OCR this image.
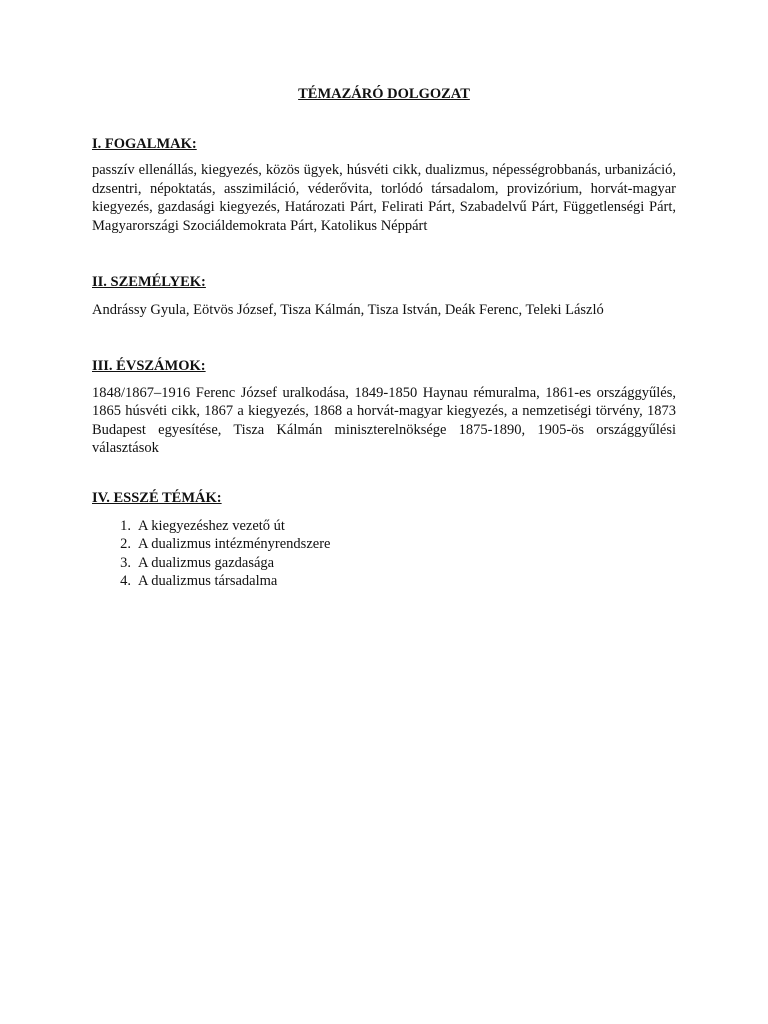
TÉMAZÁRÓ DOLGOZAT
I. FOGALMAK:

passzív ellenállás, kiegyezés, közös ügyek, húsvéti cikk, dualizmus, népességrobbanás, urbanizáció, dzsentri, népoktatás, asszimiláció, véderővita, torlódó társadalom, provizórium, horvát-magyar kiegyezés, gazdasági kiegyezés, Határozati Párt, Felirati Párt, Szabadelvű Párt, Függetlenségi Párt, Magyarországi Szociáldemokrata Párt, Katolikus Néppárt

II. SZEMÉLYEK:

Andrássy Gyula, Eötvös József, Tisza Kálmán, Tisza István, Deák Ferenc, Teleki László

III. ÉVSZÁMOK:

1848/1867–1916 Ferenc József uralkodása, 1849-1850 Haynau rémuralma, 1861-es országgyűlés, 1865 húsvéti cikk, 1867 a kiegyezés, 1868 a horvát-magyar kiegyezés, a nemzetiségi törvény, 1873 Budapest egyesítése, Tisza Kálmán miniszterelnöksége 1875-1890, 1905-ös országgyűlési választások

IV. ESSZÉ TÉMÁK:
1. A kiegyezéshez vezető út
2. A dualizmus intézményrendszere
3. A dualizmus gazdasága
4. A dualizmus társadalma
